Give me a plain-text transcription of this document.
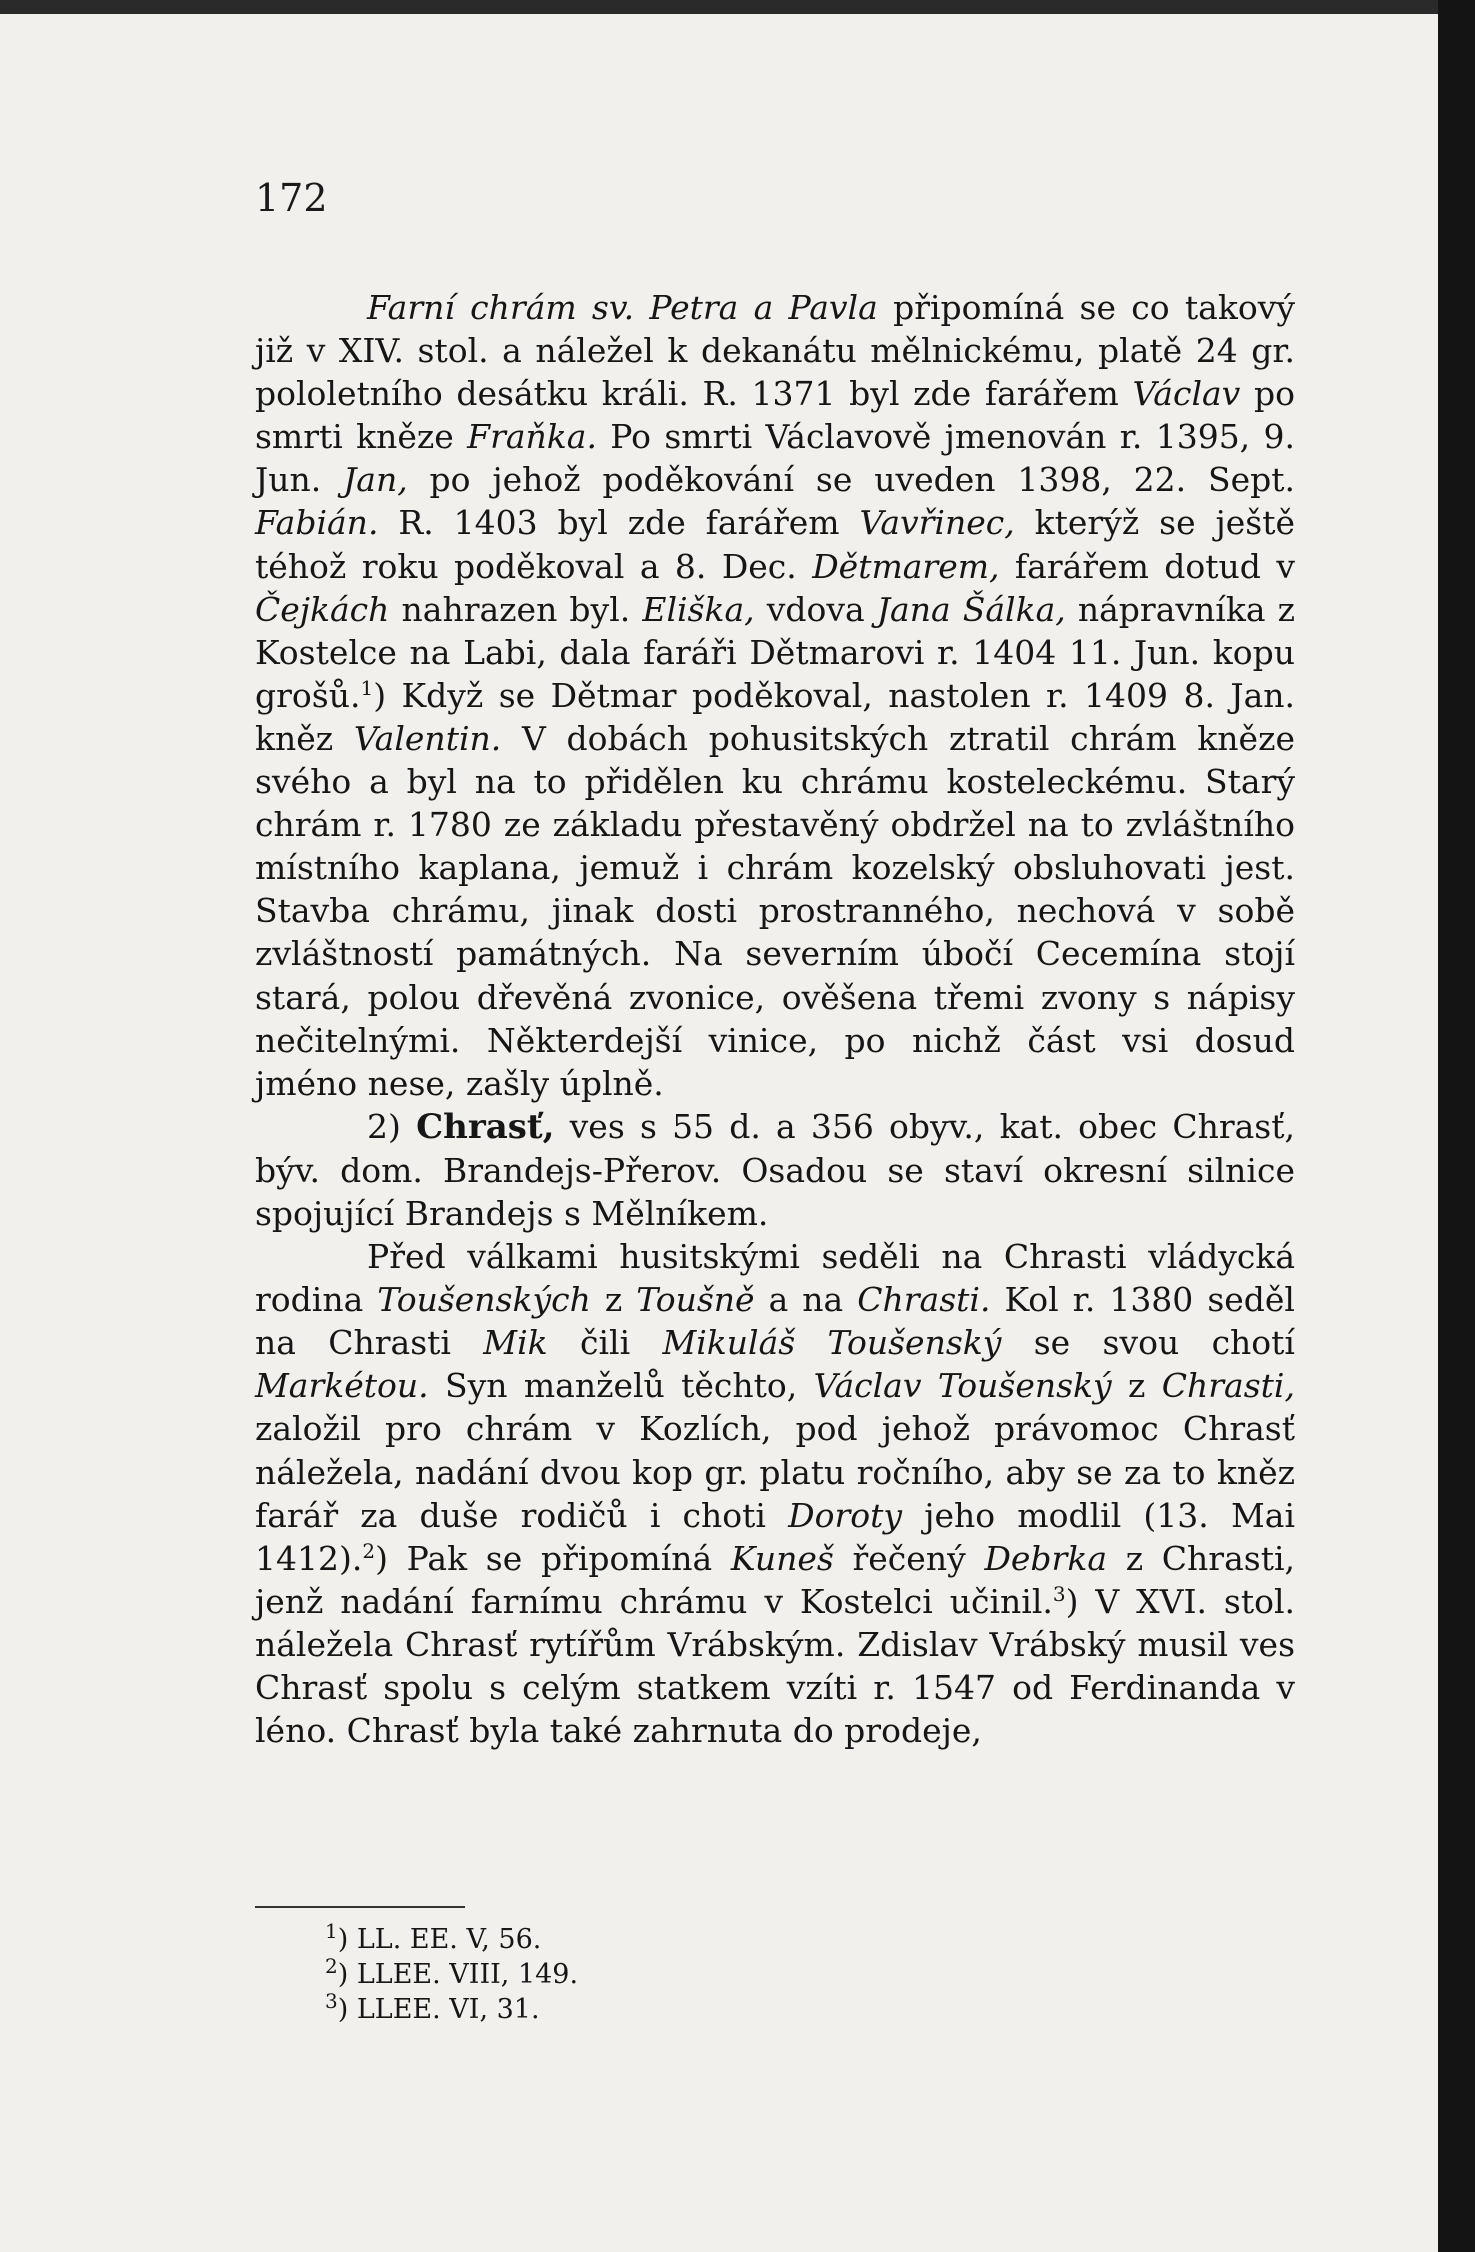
172

Farní chrám sv. Petra a Pavla připomíná se co takový již v XIV. stol. a náležel k dekanátu mělnickému, platě 24 gr. pololetního desátku králi. R. 1371 byl zde farářem Václav po smrti kněze Fraňka. Po smrti Václavově jmenován r. 1395, 9. Jun. Jan, po jehož poděkování se uveden 1398, 22. Sept. Fabián. R. 1403 byl zde farářem Vavřinec, kterýž se ještě téhož roku poděkoval a 8. Dec. Dětmarem, farářem dotud v Čejkách nahrazen byl. Eliška, vdova Jana Šálka, nápravníka z Kostelce na Labi, dala faráři Dětmarovi r. 1404 11. Jun. kopu grošů.$^1$) Když se Dětmar poděkoval, nastolen r. 1409 8. Jan. kněz Valentin. V dobách pohusitských ztratil chrám kněze svého a byl na to přidělen ku chrámu kosteleckému. Starý chrám r. 1780 ze základu přestavěný obdržel na to zvláštního místního kaplana, jemuž i chrám kozelský obsluhovati jest. Stavba chrámu, jinak dosti prostranného, nechová v sobě zvláštností památných. Na severním úbočí Cecemína stojí stará, polou dřevěná zvonice, ověšena třemi zvony s nápisy nečitelnými. Některdejší vinice, po nichž část vsi dosud jméno nese, zašly úplně.

2) Chrasť, ves s 55 d. a 356 obyv., kat. obec Chrasť, býv. dom. Brandejs-Přerov. Osadou se staví okresní silnice spojující Brandejs s Mělníkem.

Před válkami husitskými seděli na Chrasti vládycká rodina Toušenských z Toušně a na Chrasti. Kol r. 1380 seděl na Chrasti Mik čili Mikuláš Toušenský se svou chotí Markétou. Syn manželů těchto, Václav Toušenský z Chrasti, založil pro chrám v Kozlích, pod jehož právomoc Chrasť náležela, nadání dvou kop gr. platu ročního, aby se za to kněz farář za duše rodičů i choti Doroty jeho modlil (13. Mai 1412).$^2$) Pak se připomíná Kuneš řečený Debrka z Chrasti, jenž nadání farnímu chrámu v Kostelci učinil.$^3$) V XVI. stol. náležela Chrasť rytířům Vrábským. Zdislav Vrábský musil ves Chrasť spolu s celým statkem vzíti r. 1547 od Ferdinanda v léno. Chrasť byla také zahrnuta do prodeje,

$^1$) LL. EE. V, 56.

$^2$) LLEE. VIII, 149.

$^3$) LLEE. VI, 31.
